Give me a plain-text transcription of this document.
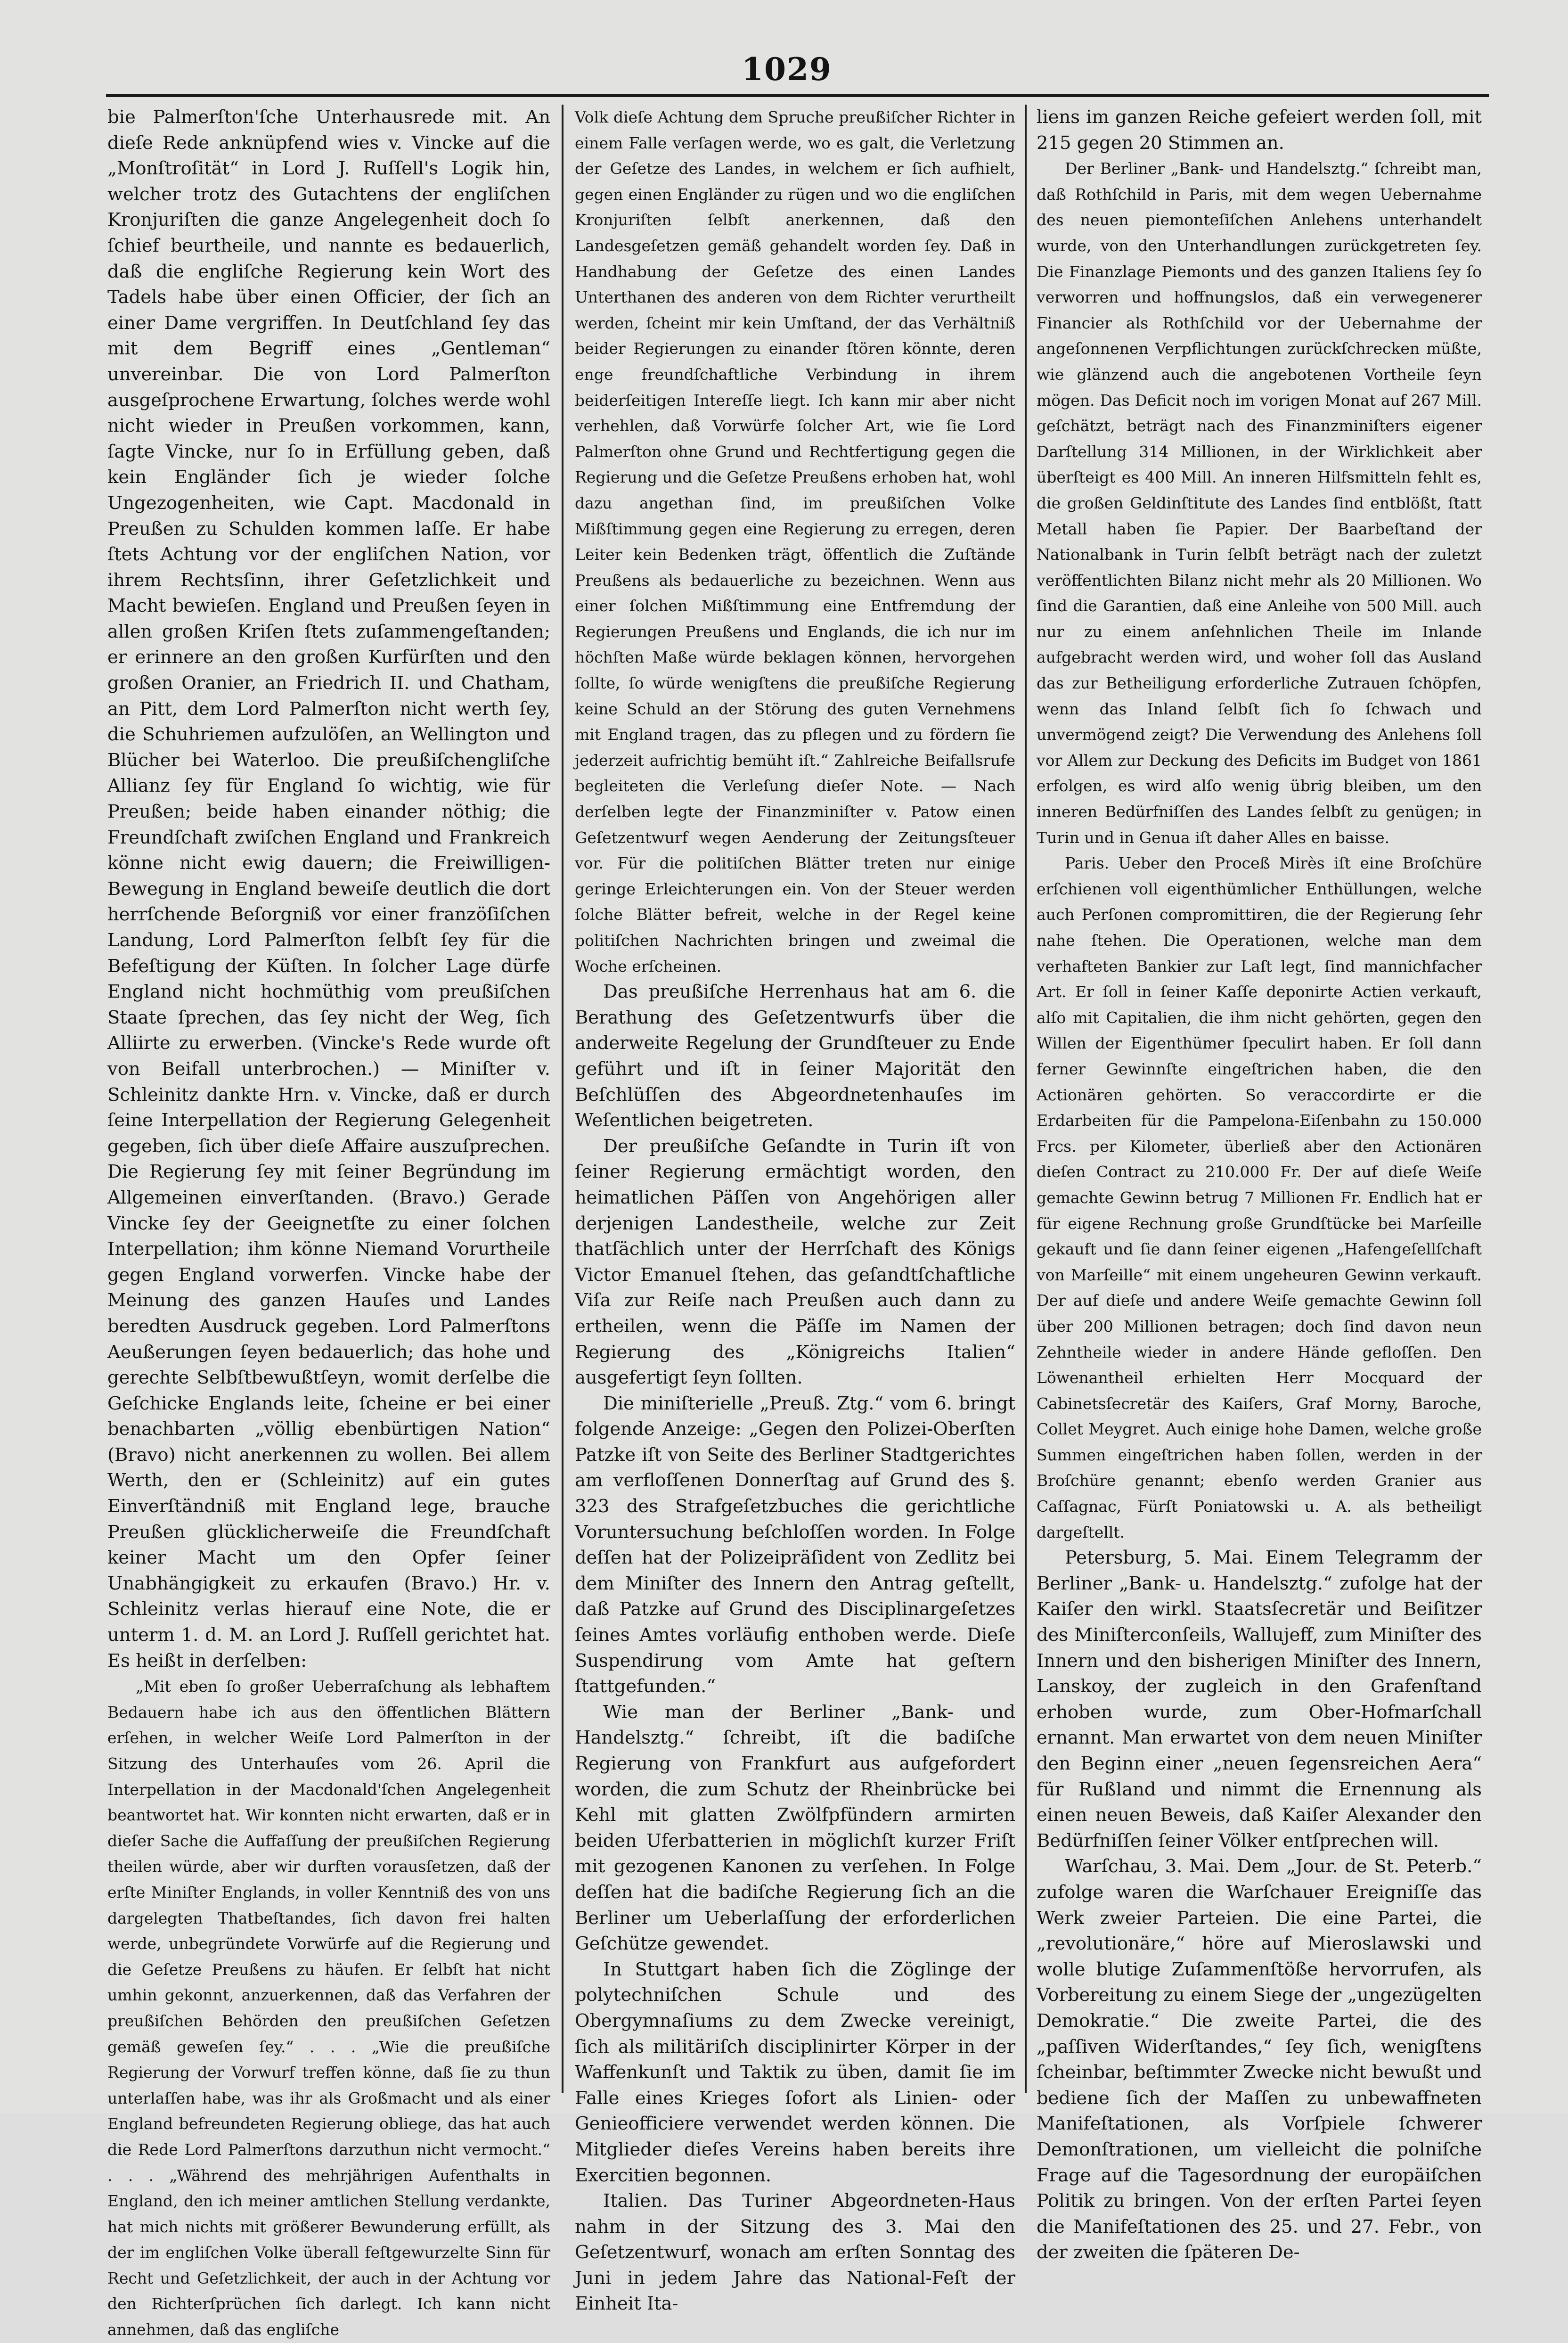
1029

bie Palmerſton'ſche Unterhausrede mit. An dieſe Rede anknüpfend wies v. Vincke auf die „Monſtroſität“ in Lord J. Ruſſell's Logik hin, welcher trotz des Gutachtens der engliſchen Kronjuriſten die ganze Angelegenheit doch ſo ſchief beurtheile, und nannte es bedauerlich, daß die engliſche Regierung kein Wort des Tadels habe über einen Officier, der ſich an einer Dame vergriffen. In Deutſchland ſey das mit dem Begriff eines „Gentleman“ unvereinbar. Die von Lord Palmerſton ausgeſprochene Erwartung, ſolches werde wohl nicht wieder in Preußen vorkommen, kann, ſagte Vincke, nur ſo in Erfüllung geben, daß kein Engländer ſich je wieder ſolche Ungezogenheiten, wie Capt. Macdonald in Preußen zu Schulden kommen laſſe. Er habe ſtets Achtung vor der engliſchen Nation, vor ihrem Rechtsſinn, ihrer Geſetzlichkeit und Macht bewieſen. England und Preußen ſeyen in allen großen Kriſen ſtets zuſammengeſtanden; er erinnere an den großen Kurfürſten und den großen Oranier, an Friedrich II. und Chatham, an Pitt, dem Lord Palmerſton nicht werth ſey, die Schuhriemen aufzulöſen, an Wellington und Blücher bei Waterloo. Die preußiſchengliſche Allianz ſey für England ſo wichtig, wie für Preußen; beide haben einander nöthig; die Freundſchaft zwiſchen England und Frankreich könne nicht ewig dauern; die Freiwilligen-Bewegung in England beweiſe deutlich die dort herrſchende Beſorgniß vor einer franzöſiſchen Landung, Lord Palmerſton ſelbſt ſey für die Befeſtigung der Küſten. In ſolcher Lage dürfe England nicht hochmüthig vom preußiſchen Staate ſprechen, das ſey nicht der Weg, ſich Alliirte zu erwerben. (Vincke's Rede wurde oft von Beifall unterbrochen.) — Miniſter v. Schleinitz dankte Hrn. v. Vincke, daß er durch ſeine Interpellation der Regierung Gelegenheit gegeben, ſich über dieſe Affaire auszuſprechen. Die Regierung ſey mit ſeiner Begründung im Allgemeinen einverſtanden. (Bravo.) Gerade Vincke ſey der Geeignetſte zu einer ſolchen Interpellation; ihm könne Niemand Vorurtheile gegen England vorwerfen. Vincke habe der Meinung des ganzen Hauſes und Landes beredten Ausdruck gegeben. Lord Palmerſtons Aeußerungen ſeyen bedauerlich; das hohe und gerechte Selbſtbewußtſeyn, womit derſelbe die Geſchicke Englands leite, ſcheine er bei einer benachbarten „völlig ebenbürtigen Nation“ (Bravo) nicht anerkennen zu wollen. Bei allem Werth, den er (Schleinitz) auf ein gutes Einverſtändniß mit England lege, brauche Preußen glücklicherweiſe die Freundſchaft keiner Macht um den Opfer ſeiner Unabhängigkeit zu erkaufen (Bravo.) Hr. v. Schleinitz verlas hierauf eine Note, die er unterm 1. d. M. an Lord J. Ruſſell gerichtet hat. Es heißt in derſelben:

„Mit eben ſo großer Ueberraſchung als lebhaftem Bedauern habe ich aus den öffentlichen Blättern erſehen, in welcher Weiſe Lord Palmerſton in der Sitzung des Unterhauſes vom 26. April die Interpellation in der Macdonald'ſchen Angelegenheit beantwortet hat. Wir konnten nicht erwarten, daß er in dieſer Sache die Auffaſſung der preußiſchen Regierung theilen würde, aber wir durften vorausſetzen, daß der erſte Miniſter Englands, in voller Kenntniß des von uns dargelegten Thatbeſtandes, ſich davon frei halten werde, unbegründete Vorwürfe auf die Regierung und die Geſetze Preußens zu häufen. Er ſelbſt hat nicht umhin gekonnt, anzuerkennen, daß das Verfahren der preußiſchen Behörden den preußiſchen Geſetzen gemäß geweſen ſey.“ . . . „Wie die preußiſche Regierung der Vorwurf treffen könne, daß ſie zu thun unterlaſſen habe, was ihr als Großmacht und als einer England befreundeten Regierung obliege, das hat auch die Rede Lord Palmerſtons darzuthun nicht vermocht.“ . . . „Während des mehrjährigen Aufenthalts in England, den ich meiner amtlichen Stellung verdankte, hat mich nichts mit größerer Bewunderung erfüllt, als der im engliſchen Volke überall feſtgewurzelte Sinn für Recht und Geſetzlichkeit, der auch in der Achtung vor den Richterſprüchen ſich darlegt. Ich kann nicht annehmen, daß das engliſche

Volk dieſe Achtung dem Spruche preußiſcher Richter in einem Falle verſagen werde, wo es galt, die Verletzung der Geſetze des Landes, in welchem er ſich aufhielt, gegen einen Engländer zu rügen und wo die engliſchen Kronjuriſten ſelbſt anerkennen, daß den Landesgeſetzen gemäß gehandelt worden ſey. Daß in Handhabung der Geſetze des einen Landes Unterthanen des anderen von dem Richter verurtheilt werden, ſcheint mir kein Umſtand, der das Verhältniß beider Regierungen zu einander ſtören könnte, deren enge freundſchaftliche Verbindung in ihrem beiderſeitigen Intereſſe liegt. Ich kann mir aber nicht verhehlen, daß Vorwürfe ſolcher Art, wie ſie Lord Palmerſton ohne Grund und Rechtfertigung gegen die Regierung und die Geſetze Preußens erhoben hat, wohl dazu angethan ſind, im preußiſchen Volke Mißſtimmung gegen eine Regierung zu erregen, deren Leiter kein Bedenken trägt, öffentlich die Zuſtände Preußens als bedauerliche zu bezeichnen. Wenn aus einer ſolchen Mißſtimmung eine Entfremdung der Regierungen Preußens und Englands, die ich nur im höchſten Maße würde beklagen können, hervorgehen ſollte, ſo würde wenigſtens die preußiſche Regierung keine Schuld an der Störung des guten Vernehmens mit England tragen, das zu pflegen und zu fördern ſie jederzeit aufrichtig bemüht iſt.“ Zahlreiche Beifallsrufe begleiteten die Verleſung dieſer Note. — Nach derſelben legte der Finanzminiſter v. Patow einen Geſetzentwurf wegen Aenderung der Zeitungsſteuer vor. Für die politiſchen Blätter treten nur einige geringe Erleichterungen ein. Von der Steuer werden ſolche Blätter befreit, welche in der Regel keine politiſchen Nachrichten bringen und zweimal die Woche erſcheinen.

Das preußiſche Herrenhaus hat am 6. die Berathung des Geſetzentwurfs über die anderweite Regelung der Grundſteuer zu Ende geführt und iſt in ſeiner Majorität den Beſchlüſſen des Abgeordnetenhauſes im Weſentlichen beigetreten.

Der preußiſche Geſandte in Turin iſt von ſeiner Regierung ermächtigt worden, den heimatlichen Päſſen von Angehörigen aller derjenigen Landestheile, welche zur Zeit thatſächlich unter der Herrſchaft des Königs Victor Emanuel ſtehen, das geſandtſchaftliche Viſa zur Reiſe nach Preußen auch dann zu ertheilen, wenn die Päſſe im Namen der Regierung des „Königreichs Italien“ ausgefertigt ſeyn ſollten.

Die miniſterielle „Preuß. Ztg.“ vom 6. bringt folgende Anzeige: „Gegen den Polizei-Oberſten Patzke iſt von Seite des Berliner Stadtgerichtes am verfloſſenen Donnerſtag auf Grund des §. 323 des Strafgeſetzbuches die gerichtliche Voruntersuchung beſchloſſen worden. In Folge deſſen hat der Polizeipräſident von Zedlitz bei dem Miniſter des Innern den Antrag geſtellt, daß Patzke auf Grund des Disciplinargeſetzes ſeines Amtes vorläufig enthoben werde. Dieſe Suspendirung vom Amte hat geſtern ſtattgefunden.“

Wie man der Berliner „Bank- und Handelsztg.“ ſchreibt, iſt die badiſche Regierung von Frankfurt aus aufgefordert worden, die zum Schutz der Rheinbrücke bei Kehl mit glatten Zwölfpfündern armirten beiden Uferbatterien in möglichſt kurzer Friſt mit gezogenen Kanonen zu verſehen. In Folge deſſen hat die badiſche Regierung ſich an die Berliner um Ueberlaſſung der erforderlichen Geſchütze gewendet.

In Stuttgart haben ſich die Zöglinge der polytechniſchen Schule und des Obergymnaſiums zu dem Zwecke vereinigt, ſich als militäriſch disciplinirter Körper in der Waffenkunſt und Taktik zu üben, damit ſie im Falle eines Krieges ſofort als Linien- oder Genieofficiere verwendet werden können. Die Mitglieder dieſes Vereins haben bereits ihre Exercitien begonnen.

Italien. Das Turiner Abgeordneten-Haus nahm in der Sitzung des 3. Mai den Geſetzentwurf, wonach am erſten Sonntag des Juni in jedem Jahre das National-Feſt der Einheit Ita-

liens im ganzen Reiche gefeiert werden ſoll, mit 215 gegen 20 Stimmen an.

Der Berliner „Bank- und Handelsztg.“ ſchreibt man, daß Rothſchild in Paris, mit dem wegen Uebernahme des neuen piemonteſiſchen Anlehens unterhandelt wurde, von den Unterhandlungen zurückgetreten ſey. Die Finanzlage Piemonts und des ganzen Italiens ſey ſo verworren und hoffnungslos, daß ein verwegenerer Financier als Rothſchild vor der Uebernahme der angeſonnenen Verpflichtungen zurückſchrecken müßte, wie glänzend auch die angebotenen Vortheile ſeyn mögen. Das Deficit noch im vorigen Monat auf 267 Mill. geſchätzt, beträgt nach des Finanzminiſters eigener Darſtellung 314 Millionen, in der Wirklichkeit aber überſteigt es 400 Mill. An inneren Hilfsmitteln fehlt es, die großen Geldinſtitute des Landes ſind entblößt, ſtatt Metall haben ſie Papier. Der Baarbeſtand der Nationalbank in Turin ſelbſt beträgt nach der zuletzt veröffentlichten Bilanz nicht mehr als 20 Millionen. Wo ſind die Garantien, daß eine Anleihe von 500 Mill. auch nur zu einem anſehnlichen Theile im Inlande aufgebracht werden wird, und woher ſoll das Ausland das zur Betheiligung erforderliche Zutrauen ſchöpfen, wenn das Inland ſelbſt ſich ſo ſchwach und unvermögend zeigt? Die Verwendung des Anlehens ſoll vor Allem zur Deckung des Deficits im Budget von 1861 erfolgen, es wird alſo wenig übrig bleiben, um den inneren Bedürfniſſen des Landes ſelbſt zu genügen; in Turin und in Genua iſt daher Alles en baisse.

Paris. Ueber den Proceß Mirès iſt eine Broſchüre erſchienen voll eigenthümlicher Enthüllungen, welche auch Perſonen compromittiren, die der Regierung ſehr nahe ſtehen. Die Operationen, welche man dem verhafteten Bankier zur Laſt legt, ſind mannichfacher Art. Er ſoll in ſeiner Kaſſe deponirte Actien verkauft, alſo mit Capitalien, die ihm nicht gehörten, gegen den Willen der Eigenthümer ſpeculirt haben. Er ſoll dann ferner Gewinnſte eingeſtrichen haben, die den Actionären gehörten. So veraccordirte er die Erdarbeiten für die Pampelona-Eiſenbahn zu 150.000 Frcs. per Kilometer, überließ aber den Actionären dieſen Contract zu 210.000 Fr. Der auf dieſe Weiſe gemachte Gewinn betrug 7 Millionen Fr. Endlich hat er für eigene Rechnung große Grundſtücke bei Marſeille gekauft und ſie dann ſeiner eigenen „Hafengeſellſchaft von Marſeille“ mit einem ungeheuren Gewinn verkauft. Der auf dieſe und andere Weiſe gemachte Gewinn ſoll über 200 Millionen betragen; doch ſind davon neun Zehntheile wieder in andere Hände gefloſſen. Den Löwenantheil erhielten Herr Mocquard der Cabinetsſecretär des Kaiſers, Graf Morny, Baroche, Collet Meygret. Auch einige hohe Damen, welche große Summen eingeſtrichen haben ſollen, werden in der Broſchüre genannt; ebenſo werden Granier aus Caſſagnac, Fürſt Poniatowski u. A. als betheiligt dargeſtellt.

Petersburg, 5. Mai. Einem Telegramm der Berliner „Bank- u. Handelsztg.“ zufolge hat der Kaiſer den wirkl. Staatsſecretär und Beiſitzer des Miniſterconſeils, Wallujeff, zum Miniſter des Innern und den bisherigen Miniſter des Innern, Lanskoy, der zugleich in den Grafenſtand erhoben wurde, zum Ober-Hofmarſchall ernannt. Man erwartet von dem neuen Miniſter den Beginn einer „neuen ſegensreichen Aera“ für Rußland und nimmt die Ernennung als einen neuen Beweis, daß Kaiſer Alexander den Bedürfniſſen ſeiner Völker entſprechen will.

Warſchau, 3. Mai. Dem „Jour. de St. Peterb.“ zufolge waren die Warſchauer Ereigniſſe das Werk zweier Parteien. Die eine Partei, die „revolutionäre,“ höre auf Mieroslawski und wolle blutige Zuſammenſtöße hervorrufen, als Vorbereitung zu einem Siege der „ungezügelten Demokratie.“ Die zweite Partei, die des „paſſiven Widerſtandes,“ ſey ſich, wenigſtens ſcheinbar, beſtimmter Zwecke nicht bewußt und bediene ſich der Maſſen zu unbewaffneten Manifeſtationen, als Vorſpiele ſchwerer Demonſtrationen, um vielleicht die polniſche Frage auf die Tagesordnung der europäiſchen Politik zu bringen. Von der erſten Partei ſeyen die Manifeſtationen des 25. und 27. Febr., von der zweiten die ſpäteren De-
